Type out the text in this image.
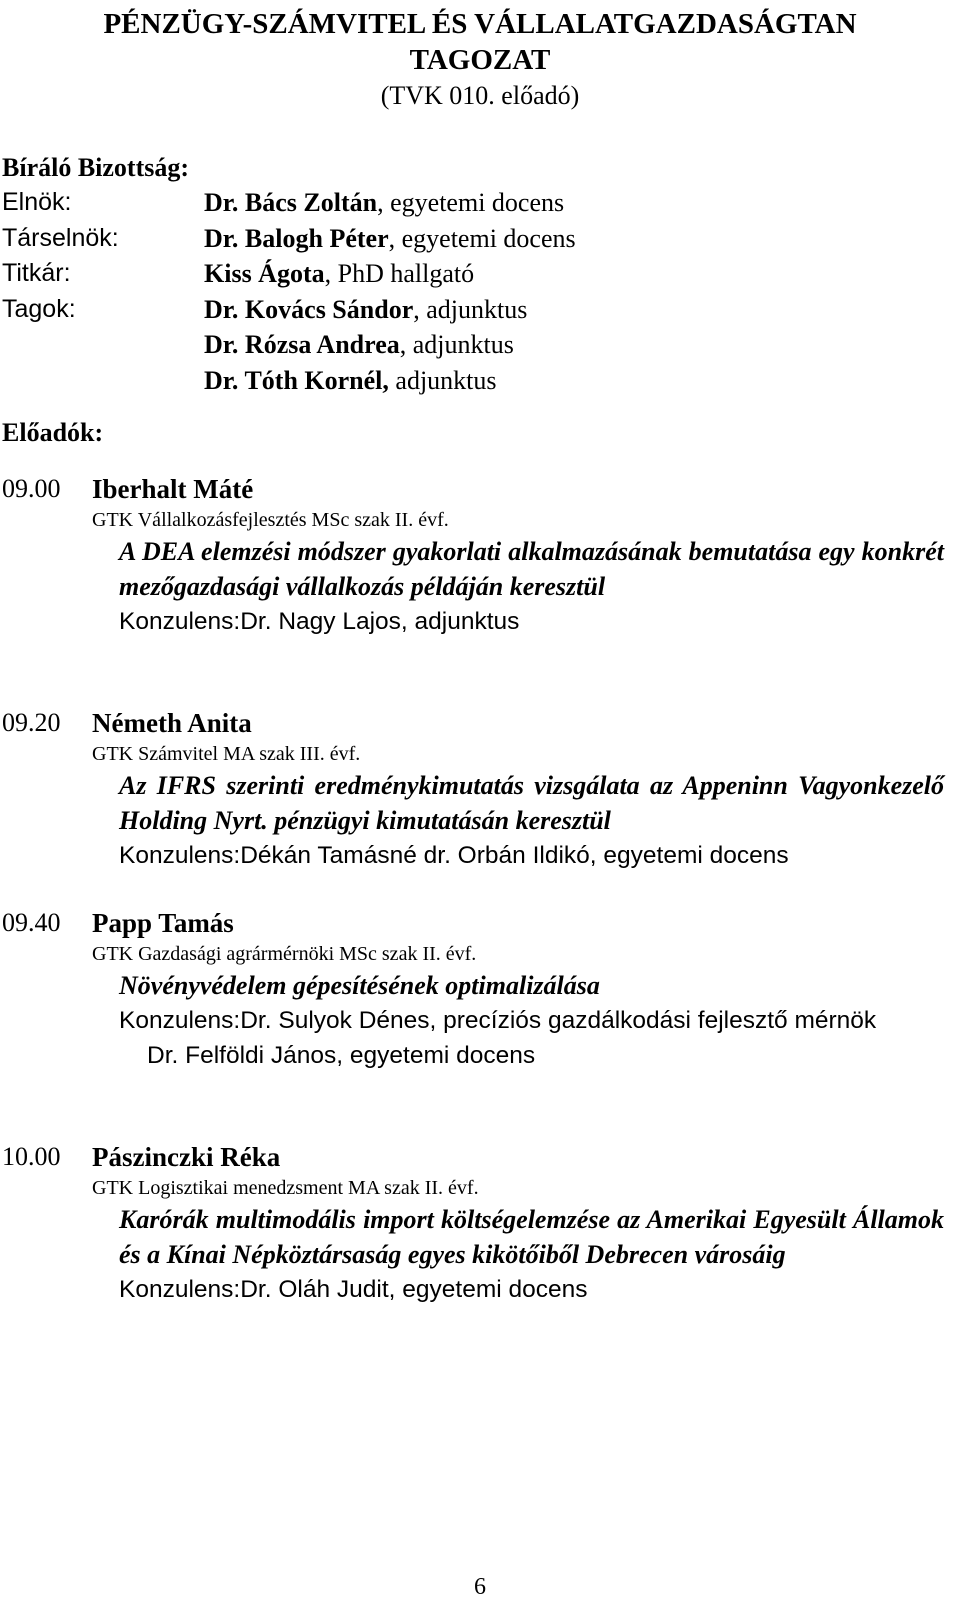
PÉNZÜGY-SZÁMVITEL ÉS VÁLLALATGAZDASÁGTAN

TAGOZAT

(TVK 010. előadó)
Bíráló Bizottság:
Elnök:	Dr. Bács Zoltán, egyetemi docens
Társelnök:	Dr. Balogh Péter, egyetemi docens
Titkár:	Kiss Ágota, PhD hallgató
Tagok:	Dr. Kovács Sándor, adjunktus
Dr. Rózsa Andrea, adjunktus
Dr. Tóth Kornél, adjunktus
Előadók:
09.00	Iberhalt Máté
GTK Vállalkozásfejlesztés MSc szak II. évf.
A DEA elemzési módszer gyakorlati alkalmazásának bemutatása egy konkrét mezőgazdasági vállalkozás példáján keresztül
Konzulens: Dr. Nagy Lajos, adjunktus
09.20	Németh Anita
GTK Számvitel MA szak III. évf.
Az IFRS szerinti eredménykimutatás vizsgálata az Appeninn Vagyonkezelő Holding Nyrt. pénzügyi kimutatásán keresztül
Konzulens: Dékán Tamásné dr. Orbán Ildikó, egyetemi docens
09.40	Papp Tamás
GTK Gazdasági agrármérnöki MSc szak II. évf.
Növényvédelem gépesítésének optimalizálása
Konzulens: Dr. Sulyok Dénes, precíziós gazdálkodási fejlesztő mérnök
Dr. Felföldi János, egyetemi docens
10.00	Pászinczki Réka
GTK Logisztikai menedzsment MA szak II. évf.
Karórák multimodális import költségelemzése az Amerikai Egyesült Államok és a Kínai Népköztársaság egyes kikötőiből Debrecen városáig
Konzulens: Dr. Oláh Judit, egyetemi docens
6
